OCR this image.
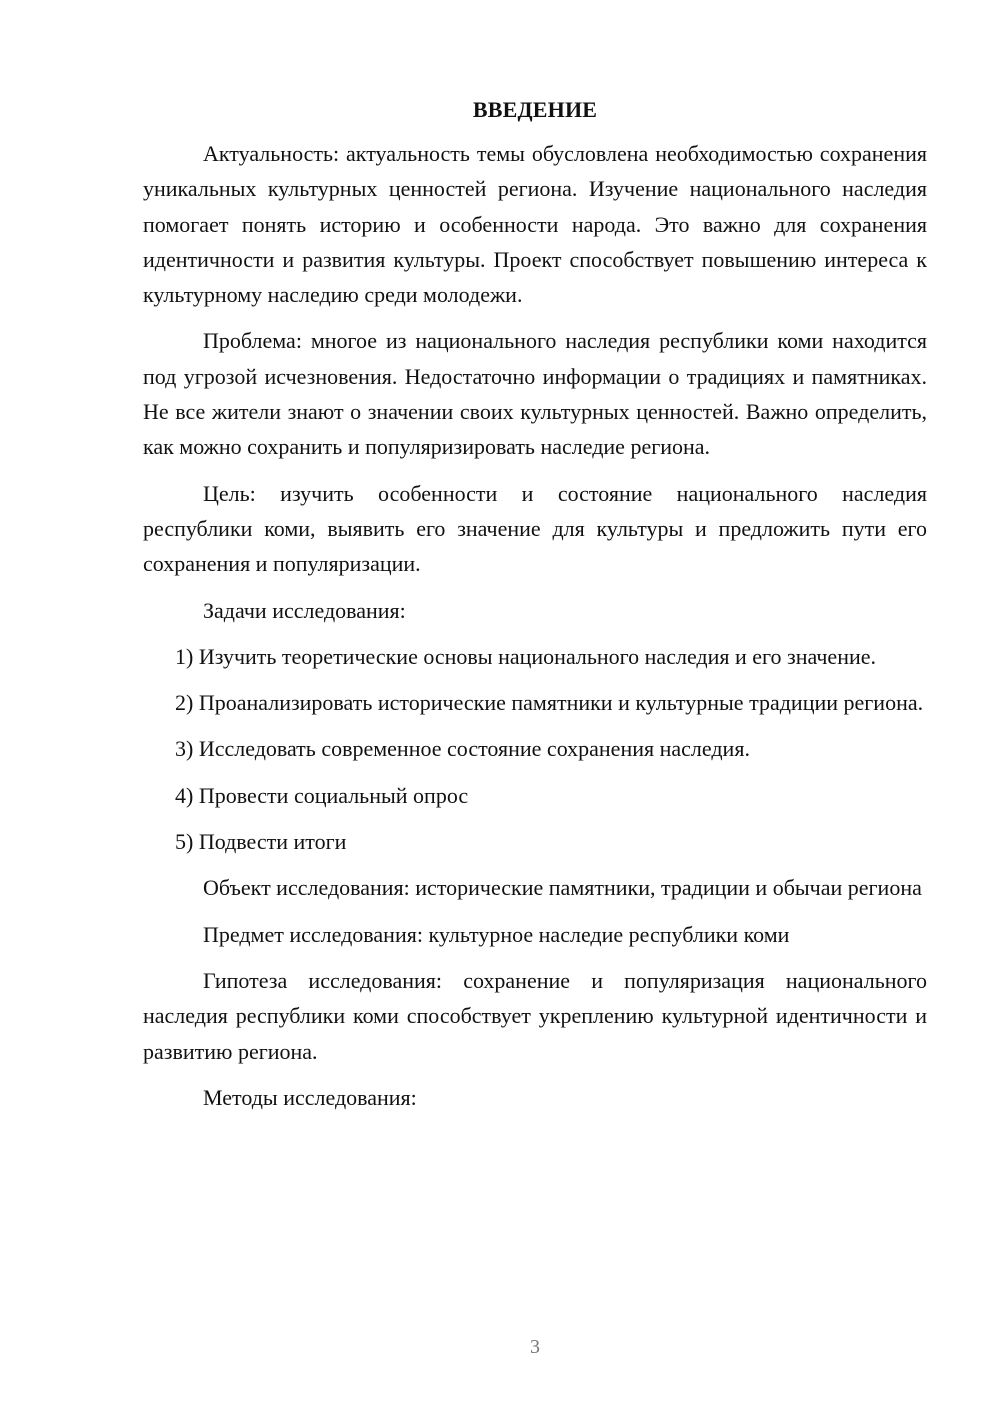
ВВЕДЕНИЕ

Актуальность: актуальность темы обусловлена необходимостью сохранения уникальных культурных ценностей региона. Изучение национального наследия помогает понять историю и особенности народа. Это важно для сохранения идентичности и развития культуры. Проект способствует повышению интереса к культурному наследию среди молодежи.

Проблема: многое из национального наследия республики коми находится под угрозой исчезновения. Недостаточно информации о традициях и памятниках. Не все жители знают о значении своих культурных ценностей. Важно определить, как можно сохранить и популяризировать наследие региона.

Цель: изучить особенности и состояние национального наследия республики коми, выявить его значение для культуры и предложить пути его сохранения и популяризации.

Задачи исследования:

1) Изучить теоретические основы национального наследия и его значение.

2) Проанализировать исторические памятники и культурные традиции региона.

3) Исследовать современное состояние сохранения наследия.

4) Провести социальный опрос

5) Подвести итоги

Объект исследования: исторические памятники, традиции и обычаи региона

Предмет исследования: культурное наследие республики коми

Гипотеза исследования: сохранение и популяризация национального наследия республики коми способствует укреплению культурной идентичности и развитию региона.

Методы исследования:

3
